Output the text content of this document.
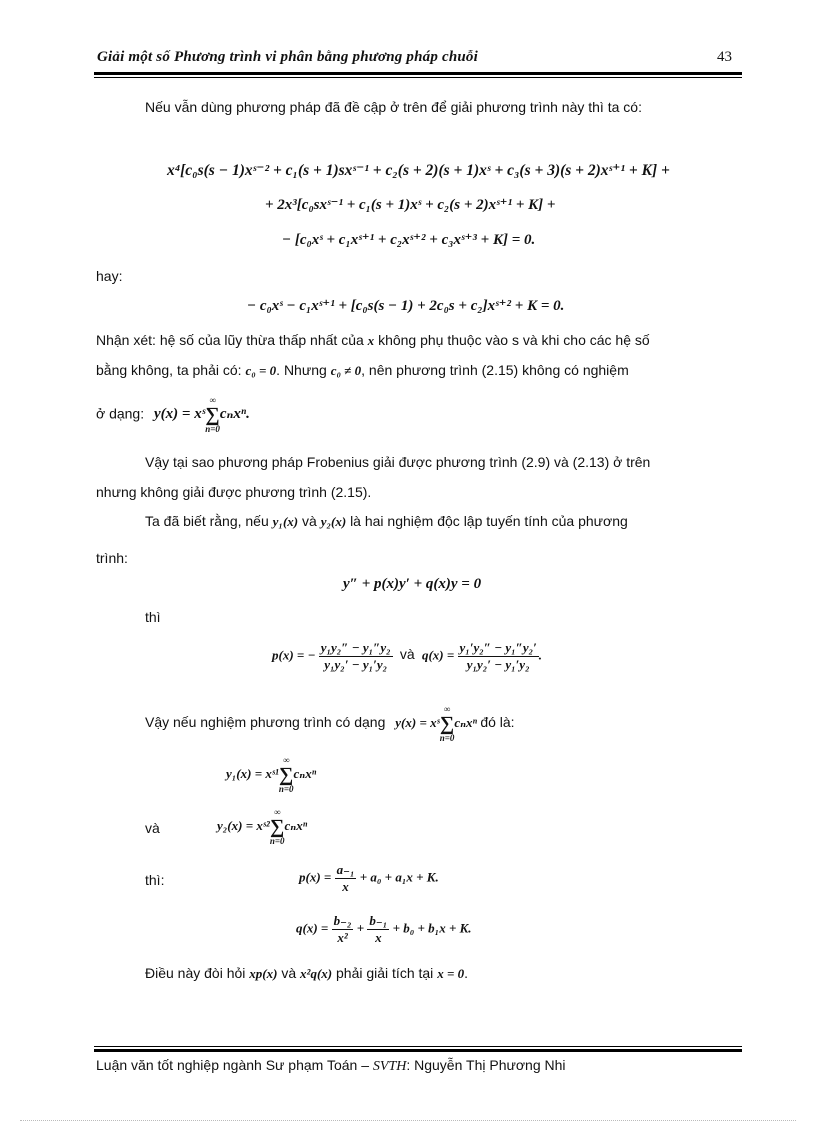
Giải một số Phương trình vi phân bằng phương pháp chuỗi	43
Nếu vẫn dùng phương pháp đã đề cập ở trên để giải phương trình này thì ta có:
x⁴[c₀s(s − 1)xˢ⁻² + c₁(s + 1)sxˢ⁻¹ + c₂(s + 2)(s + 1)xˢ + c₃(s + 3)(s + 2)xˢ⁺¹ + K] +
+ 2x³[c₀sxˢ⁻¹ + c₁(s + 1)xˢ + c₂(s + 2)xˢ⁺¹ + K] +
− [c₀xˢ + c₁xˢ⁺¹ + c₂xˢ⁺² + c₃xˢ⁺³ + K] = 0.
hay:
− c₀xˢ − c₁xˢ⁺¹ + [c₀s(s − 1) + 2c₀s + c₂]xˢ⁺² + K = 0.
Nhận xét: hệ số của lũy thừa thấp nhất của x không phụ thuộc vào s và khi cho các hệ số
bằng không, ta phải có: c₀ = 0. Nhưng c₀ ≠ 0, nên phương trình (2.15) không có nghiệm
ở dạng: y(x) = xˢ∞
∑
n=0cₙxⁿ.
Vậy tại sao phương pháp Frobenius giải được phương trình (2.9) và (2.13) ở trên
nhưng không giải được phương trình (2.15).
Ta đã biết rằng, nếu y₁(x) và y₂(x) là hai nghiệm độc lập tuyến tính của phương
trình:
y″ + p(x)y′ + q(x)y = 0
thì
p(x) = − $\frac{\text{y₁y₂″ − y₁″y₂}}{\text{y₁y₂′ − y₁′y₂}}$ và $q(x) = \frac{\text{y₁′y₂″ − y₁″y₂′}}{\text{y₁y₂′ − y₁′y₂}}$ .
Vậy nếu nghiệm phương trình có dạng y(x) = xˢ∞
∑
n=0cₙxⁿ đó là:
y₁(x) = xˢ¹∞
∑
n=0cₙxⁿ
và	y₂(x) = xˢ²∞
∑
n=0cₙxⁿ
thì:	$p(x) = \frac{\text{a₋₁}}{x} + a_0 + a_1x + K$.
$q(x) = \frac{\text{b₋₂}}{\text{x²}} + \frac{\text{b₋₁}}{x} + b_0 + b_1x + K$.
Điều này đòi hỏi xp(x) và x²q(x) phải giải tích tại x = 0.
Luận văn tốt nghiệp ngành Sư phạm Toán – SVTH: Nguyễn Thị Phương Nhi
